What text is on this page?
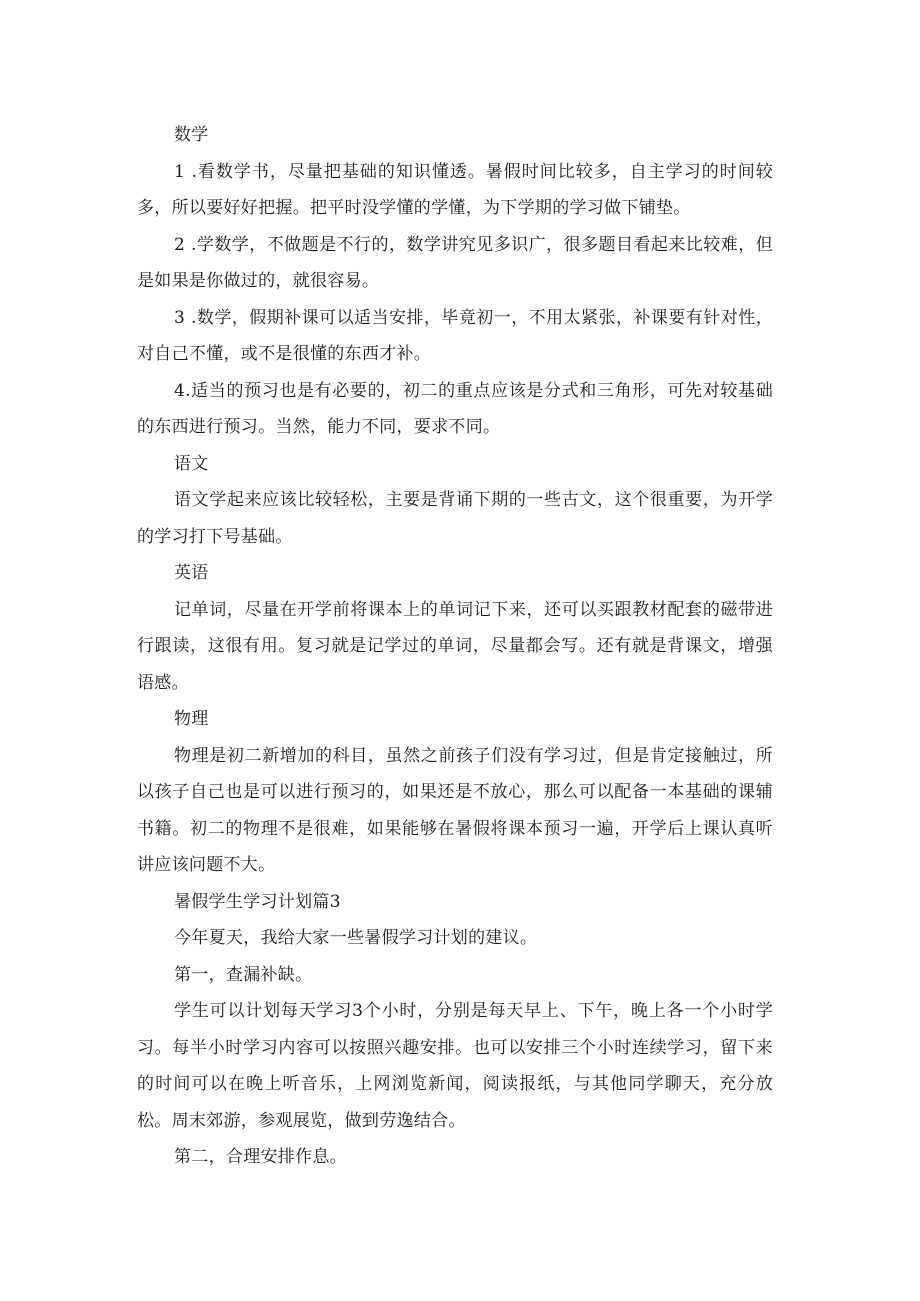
数学

1 .看数学书，尽量把基础的知识懂透。暑假时间比较多，自主学习的时间较多，所以要好好把握。把平时没学懂的学懂，为下学期的学习做下铺垫。

2 .学数学，不做题是不行的，数学讲究见多识广，很多题目看起来比较难，但是如果是你做过的，就很容易。

3 .数学，假期补课可以适当安排，毕竟初一，不用太紧张，补课要有针对性，对自己不懂，或不是很懂的东西才补。

4.适当的预习也是有必要的，初二的重点应该是分式和三角形，可先对较基础的东西进行预习。当然，能力不同，要求不同。

语文

语文学起来应该比较轻松，主要是背诵下期的一些古文，这个很重要，为开学的学习打下号基础。

英语

记单词，尽量在开学前将课本上的单词记下来，还可以买跟教材配套的磁带进行跟读，这很有用。复习就是记学过的单词，尽量都会写。还有就是背课文，增强语感。

物理

物理是初二新增加的科目，虽然之前孩子们没有学习过，但是肯定接触过，所以孩子自己也是可以进行预习的，如果还是不放心，那么可以配备一本基础的课辅书籍。初二的物理不是很难，如果能够在暑假将课本预习一遍，开学后上课认真听讲应该问题不大。

暑假学生学习计划篇3

今年夏天，我给大家一些暑假学习计划的建议。

第一，查漏补缺。

学生可以计划每天学习3个小时，分别是每天早上、下午，晚上各一个小时学习。每半小时学习内容可以按照兴趣安排。也可以安排三个小时连续学习，留下来的时间可以在晚上听音乐，上网浏览新闻，阅读报纸，与其他同学聊天，充分放松。周末郊游，参观展览，做到劳逸结合。

第二，合理安排作息。
